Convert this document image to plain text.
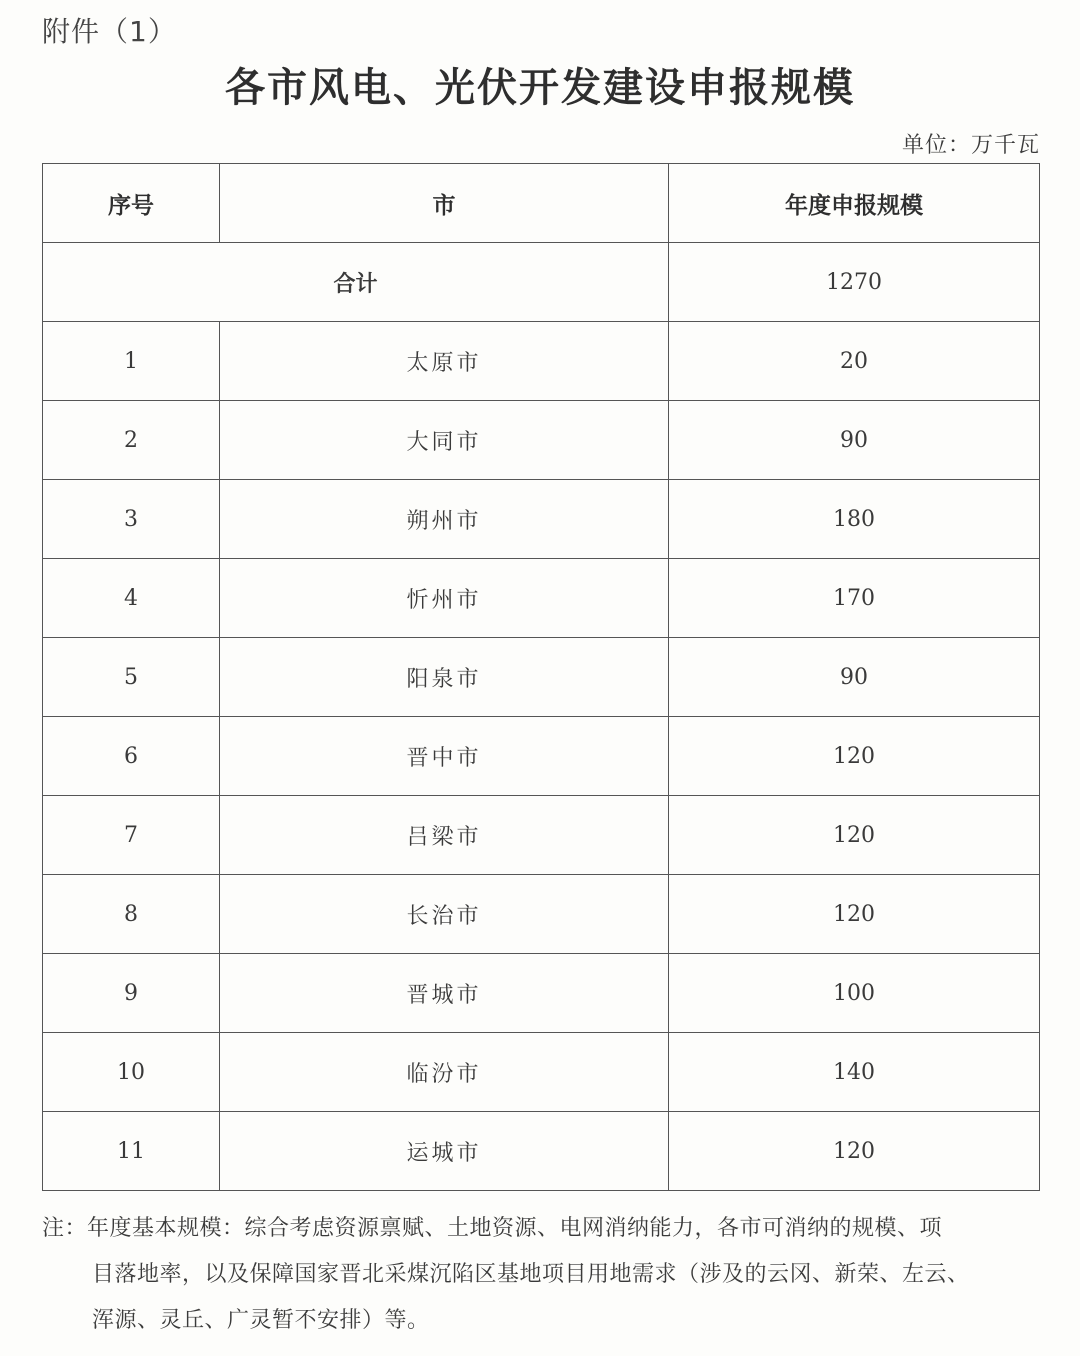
附件（1）
各市风电、光伏开发建设申报规模
单位：万千瓦
序号	市	年度申报规模
合计		1270
1	太原市	20
2	大同市	90
3	朔州市	180
4	忻州市	170
5	阳泉市	90
6	晋中市	120
7	吕梁市	120
8	长治市	120
9	晋城市	100
10	临汾市	140
11	运城市	120
注：年度基本规模：综合考虑资源禀赋、土地资源、电网消纳能力，各市可消纳的规模、项
目落地率，以及保障国家晋北采煤沉陷区基地项目用地需求（涉及的云冈、新荣、左云、
浑源、灵丘、广灵暂不安排）等。
